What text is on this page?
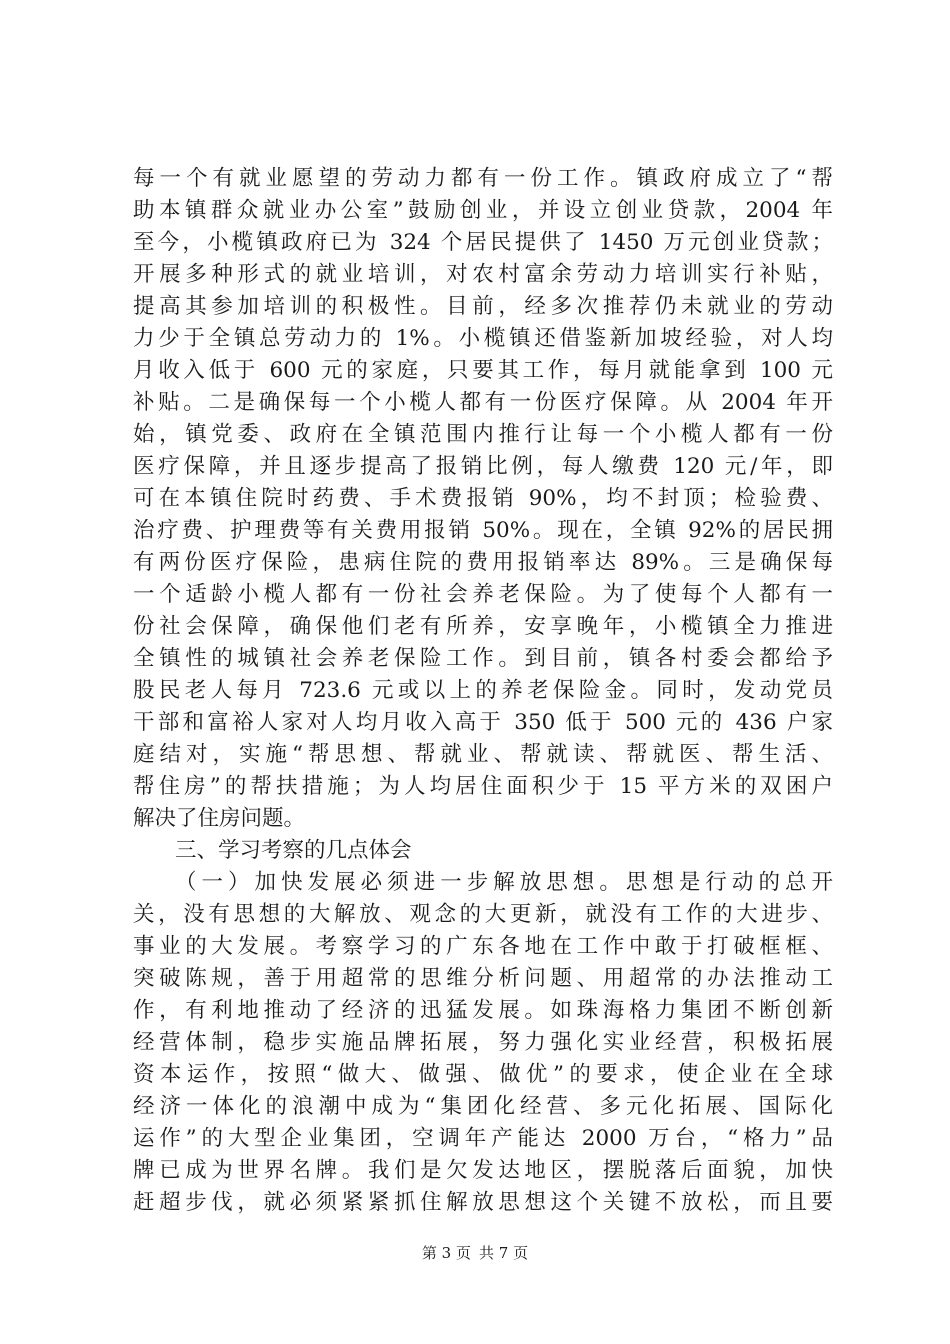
每一个有就业愿望的劳动力都有一份工作。镇政府成立了“帮
助本镇群众就业办公室”鼓励创业，并设立创业贷款，2004 年
至今，小榄镇政府已为 324 个居民提供了 1450 万元创业贷款；
开展多种形式的就业培训，对农村富余劳动力培训实行补贴，
提高其参加培训的积极性。目前，经多次推荐仍未就业的劳动
力少于全镇总劳动力的 1%。小榄镇还借鉴新加坡经验，对人均
月收入低于 600 元的家庭，只要其工作，每月就能拿到 100 元
补贴。二是确保每一个小榄人都有一份医疗保障。从 2004 年开
始，镇党委、政府在全镇范围内推行让每一个小榄人都有一份
医疗保障，并且逐步提高了报销比例，每人缴费 120 元/年，即
可在本镇住院时药费、手术费报销 90%，均不封顶；检验费、
治疗费、护理费等有关费用报销 50%。现在，全镇 92%的居民拥
有两份医疗保险，患病住院的费用报销率达 89%。三是确保每
一个适龄小榄人都有一份社会养老保险。为了使每个人都有一
份社会保障，确保他们老有所养，安享晚年，小榄镇全力推进
全镇性的城镇社会养老保险工作。到目前，镇各村委会都给予
股民老人每月 723.6 元或以上的养老保险金。同时，发动党员
干部和富裕人家对人均月收入高于 350 低于 500 元的 436 户家
庭结对，实施“帮思想、帮就业、帮就读、帮就医、帮生活、
帮住房”的帮扶措施；为人均居住面积少于 15 平方米的双困户
解决了住房问题。
三、学习考察的几点体会
（一）加快发展必须进一步解放思想。思想是行动的总开
关，没有思想的大解放、观念的大更新，就没有工作的大进步、
事业的大发展。考察学习的广东各地在工作中敢于打破框框、
突破陈规，善于用超常的思维分析问题、用超常的办法推动工
作，有利地推动了经济的迅猛发展。如珠海格力集团不断创新
经营体制，稳步实施品牌拓展，努力强化实业经营，积极拓展
资本运作，按照“做大、做强、做优”的要求，使企业在全球
经济一体化的浪潮中成为“集团化经营、多元化拓展、国际化
运作”的大型企业集团，空调年产能达 2000 万台，“格力”品
牌已成为世界名牌。我们是欠发达地区，摆脱落后面貌，加快
赶超步伐，就必须紧紧抓住解放思想这个关键不放松，而且要
第 3 页 共 7 页
